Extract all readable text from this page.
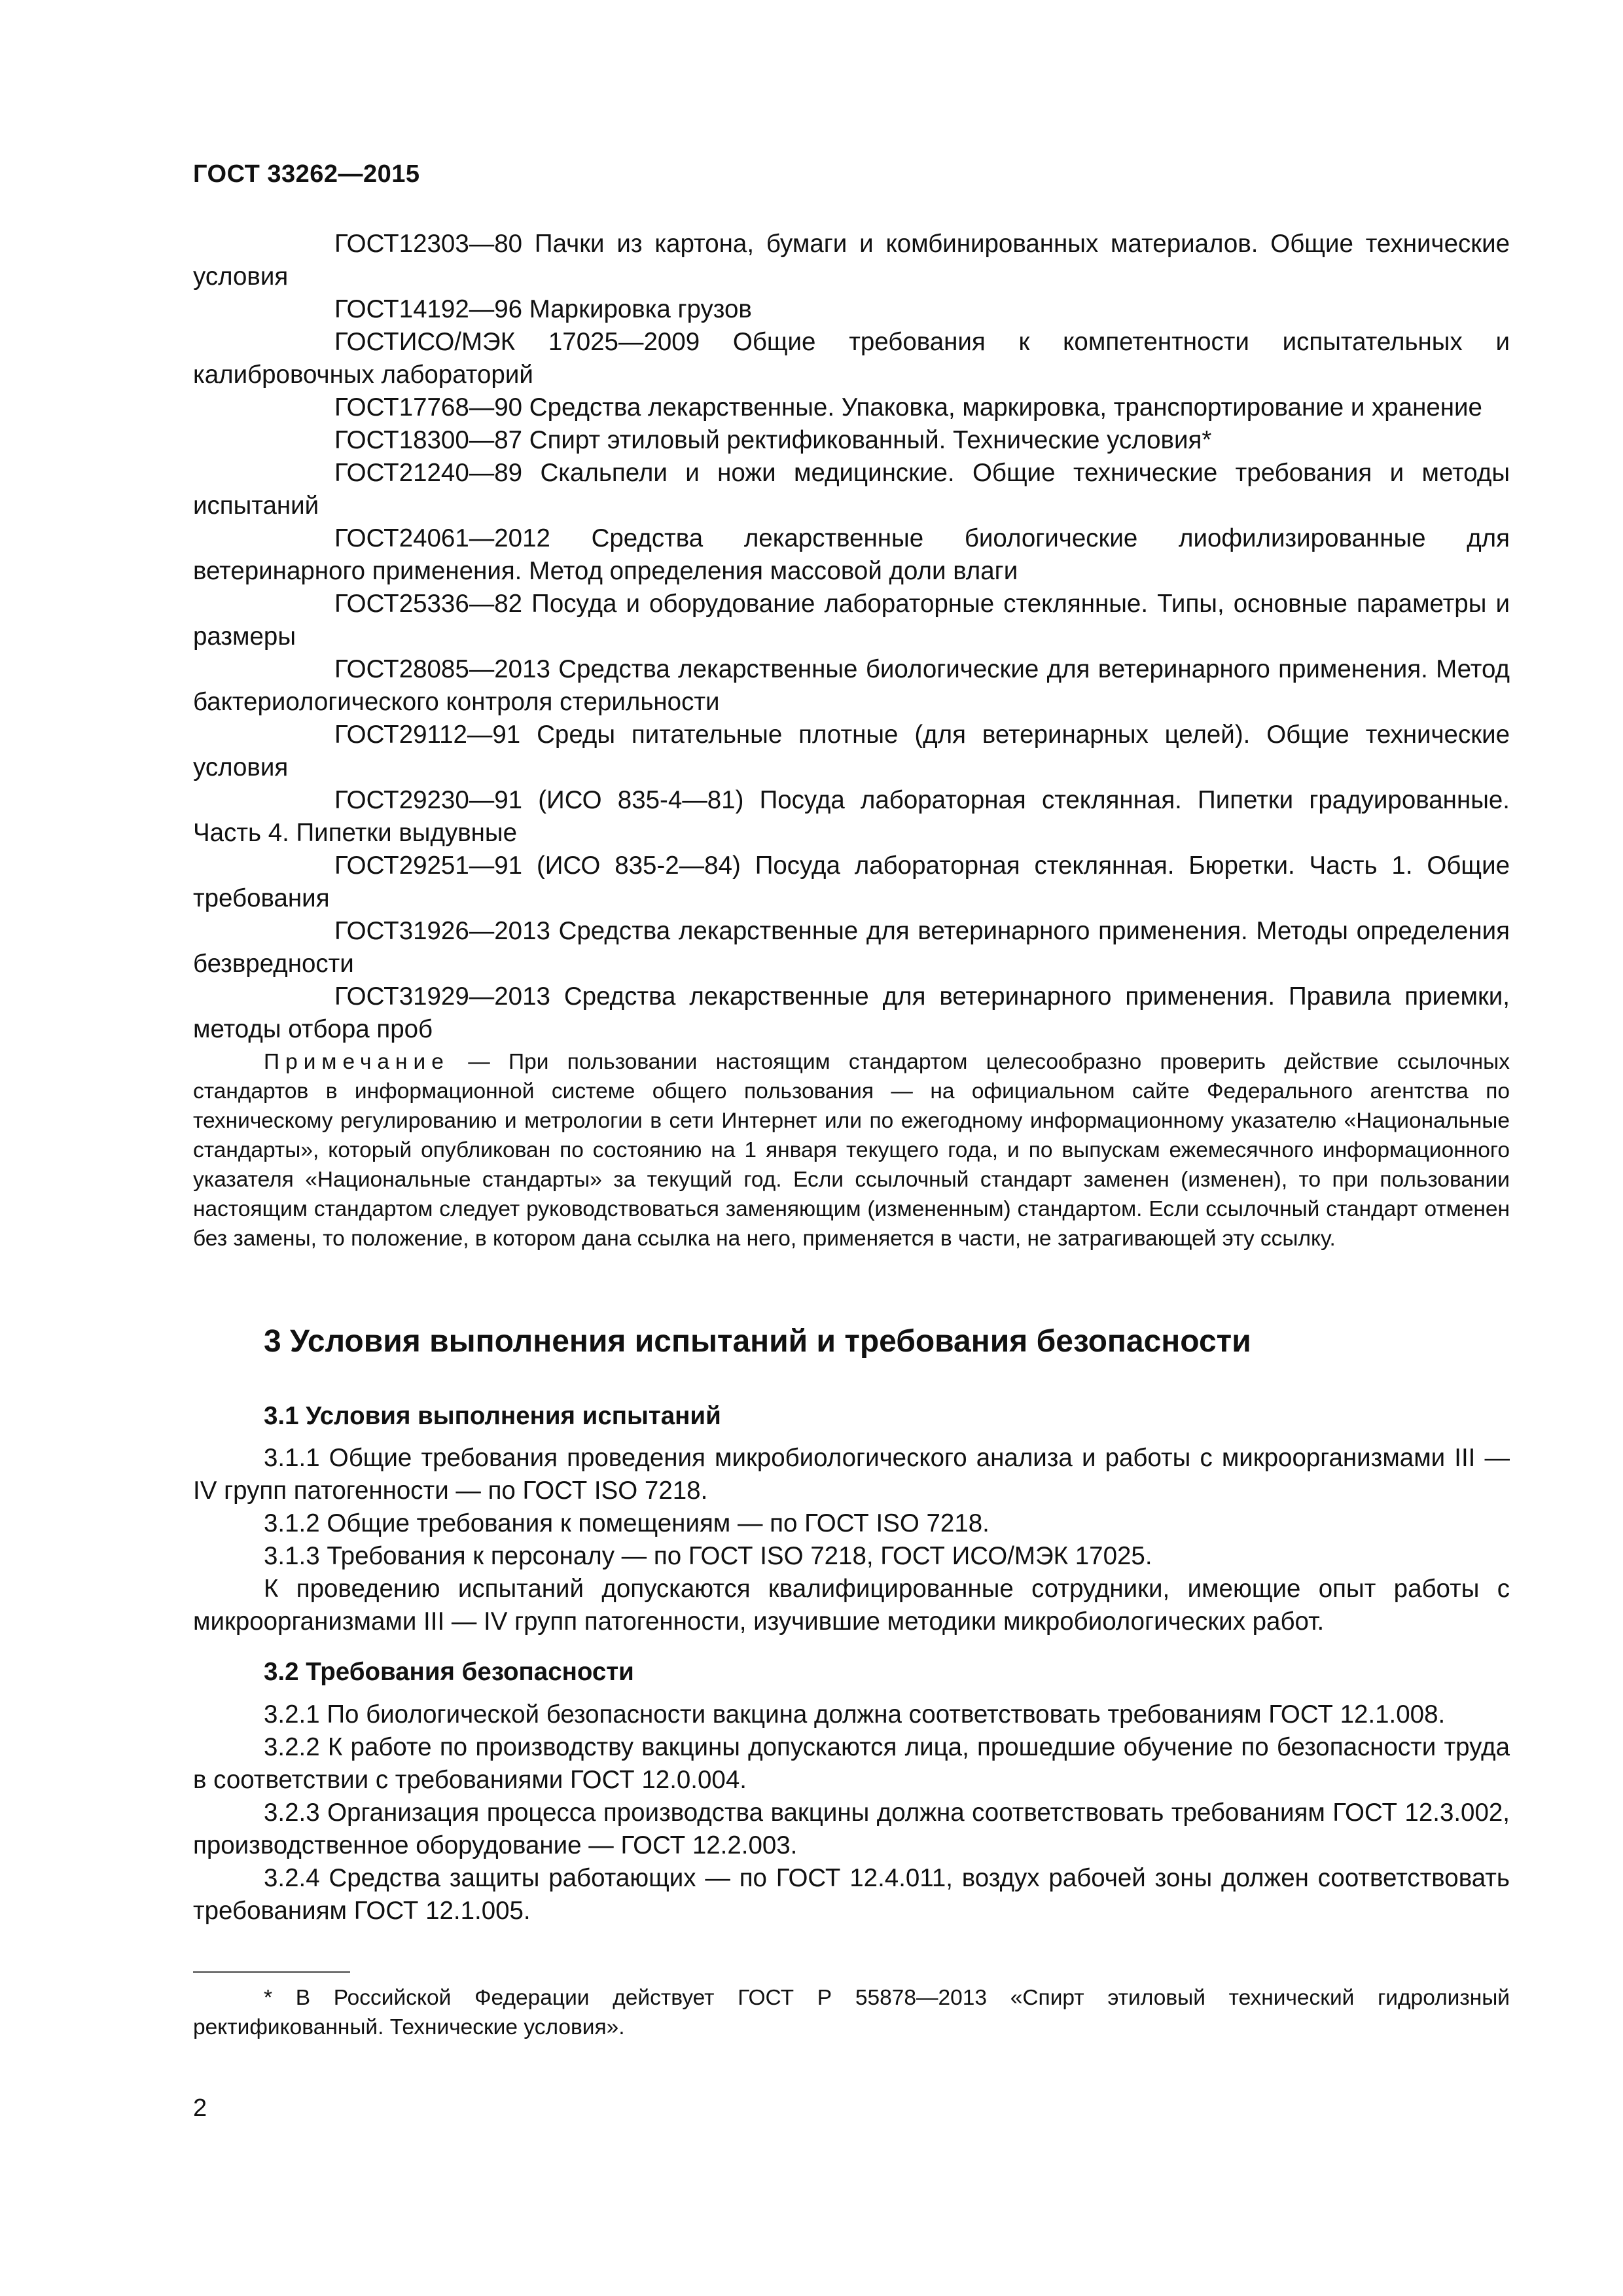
ГОСТ 33262—2015

ГОСТ12303—80 Пачки из картона, бумаги и комбинированных материалов. Общие технические условия

ГОСТ14192—96 Маркировка грузов

ГОСТИСО/МЭК 17025—2009 Общие требования к компетентности испытательных и калибровочных лабораторий

ГОСТ17768—90 Средства лекарственные. Упаковка, маркировка, транспортирование и хранение

ГОСТ18300—87 Спирт этиловый ректификованный. Технические условия*

ГОСТ21240—89 Скальпели и ножи медицинские. Общие технические требования и методы испытаний

ГОСТ24061—2012 Средства лекарственные биологические лиофилизированные для ветеринарного применения. Метод определения массовой доли влаги

ГОСТ25336—82 Посуда и оборудование лабораторные стеклянные. Типы, основные параметры и размеры

ГОСТ28085—2013 Средства лекарственные биологические для ветеринарного применения. Метод бактериологического контроля стерильности

ГОСТ29112—91 Среды питательные плотные (для ветеринарных целей). Общие технические условия

ГОСТ29230—91 (ИСО 835-4—81) Посуда лабораторная стеклянная. Пипетки градуированные. Часть 4. Пипетки выдувные

ГОСТ29251—91 (ИСО 835-2—84) Посуда лабораторная стеклянная. Бюретки. Часть 1. Общие требования

ГОСТ31926—2013 Средства лекарственные для ветеринарного применения. Методы определения безвредности

ГОСТ31929—2013 Средства лекарственные для ветеринарного применения. Правила приемки, методы отбора проб

Примечание — При пользовании настоящим стандартом целесообразно проверить действие ссылочных стандартов в информационной системе общего пользования — на официальном сайте Федерального агентства по техническому регулированию и метрологии в сети Интернет или по ежегодному информационному указателю «Национальные стандарты», который опубликован по состоянию на 1 января текущего года, и по выпускам ежемесячного информационного указателя «Национальные стандарты» за текущий год. Если ссылочный стандарт заменен (изменен), то при пользовании настоящим стандартом следует руководствоваться заменяющим (измененным) стандартом. Если ссылочный стандарт отменен без замены, то положение, в котором дана ссылка на него, применяется в части, не затрагивающей эту ссылку.
3 Условия выполнения испытаний и требования безопасности
3.1 Условия выполнения испытаний

3.1.1 Общие требования проведения микробиологического анализа и работы с микроорганизмами III — IV групп патогенности — по ГОСТ ISO 7218.

3.1.2 Общие требования к помещениям — по ГОСТ ISO 7218.

3.1.3 Требования к персоналу — по ГОСТ ISO 7218, ГОСТ ИСО/МЭК 17025.

К проведению испытаний допускаются квалифицированные сотрудники, имеющие опыт работы с микроорганизмами III — IV групп патогенности, изучившие методики микробиологических работ.

3.2 Требования безопасности

3.2.1 По биологической безопасности вакцина должна соответствовать требованиям ГОСТ 12.1.008.

3.2.2 К работе по производству вакцины допускаются лица, прошедшие обучение по безопасности труда в соответствии с требованиями ГОСТ 12.0.004.

3.2.3 Организация процесса производства вакцины должна соответствовать требованиям ГОСТ 12.3.002, производственное оборудование — ГОСТ 12.2.003.

3.2.4 Средства защиты работающих — по ГОСТ 12.4.011, воздух рабочей зоны должен соответствовать требованиям ГОСТ 12.1.005.

* В Российской Федерации действует ГОСТ Р 55878—2013 «Спирт этиловый технический гидролизный ректификованный. Технические условия».
2
